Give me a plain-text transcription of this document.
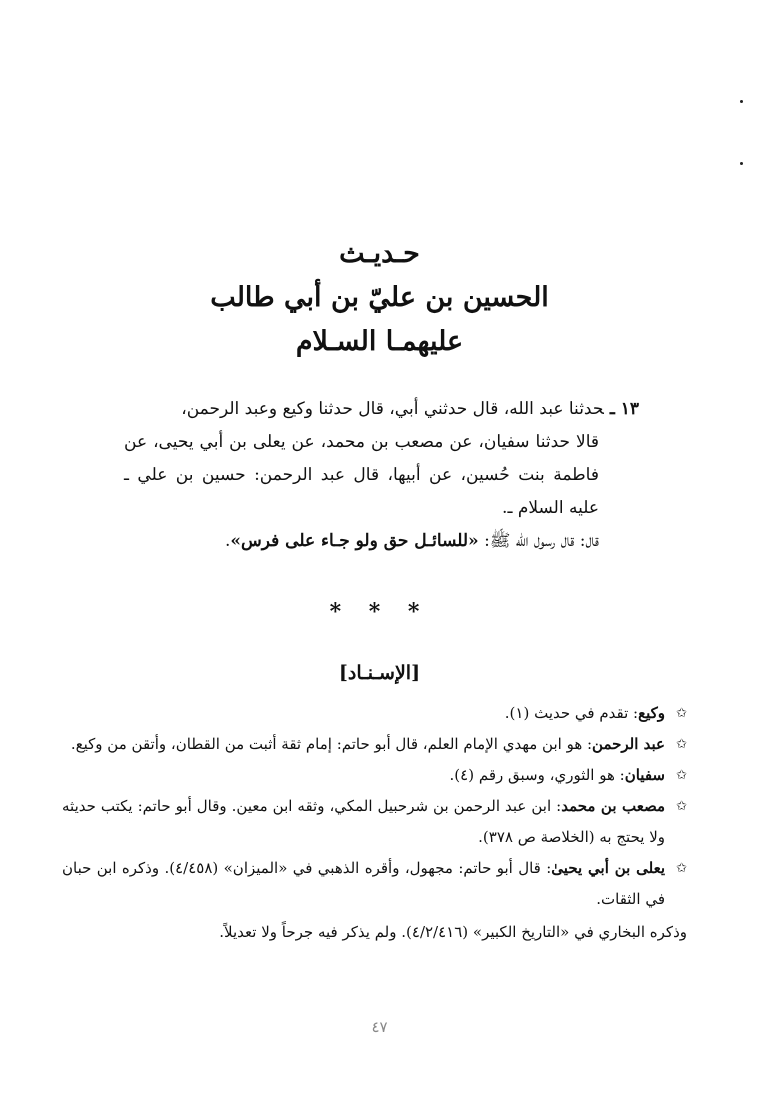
حـديـث
الحسين بن عليّ بن أبي طالب
عليهمـا السـلام

١٣ ـحدثنا عبد الله، قال حدثني أبي، قال حدثنا وكيع وعبد الرحمن،

قالا حدثنا سفيان، عن مصعب بن محمد، عن يعلى بن أبي يحيى، عن فاطمة بنت حُسين، عن أبيها، قال عبد الرحمن: حسين بن علي ـ عليه السلام ـ.

قال: قال رسول الله ﷺ: «للسائـل حق ولو جـاء على فرس».

* * *
[الإسـنـاد]

✩
وكيع: تقدم في حديث (١).

✩
عبد الرحمن: هو ابن مهدي الإمام العلم، قال أبو حاتم: إمام ثقة أثبت من القطان، وأتقن من وكيع.

✩
سفيان: هو الثوري، وسبق رقم (٤).

✩
مصعب بن محمد: ابن عبد الرحمن بن شرحبيل المكي، وثقه ابن معين. وقال أبو حاتم: يكتب حديثه ولا يحتج به (الخلاصة ص ٣٧٨).

✩
يعلى بن أبي يحيىٰ: قال أبو حاتم: مجهول، وأقره الذهبي في «الميزان» (٤/٤٥٨). وذكره ابن حبان في الثقات.

وذكره البخاري في «التاريخ الكبير» (٤/٢/٤١٦). ولم يذكر فيه جرحاً ولا تعديلاً.

٤٧
